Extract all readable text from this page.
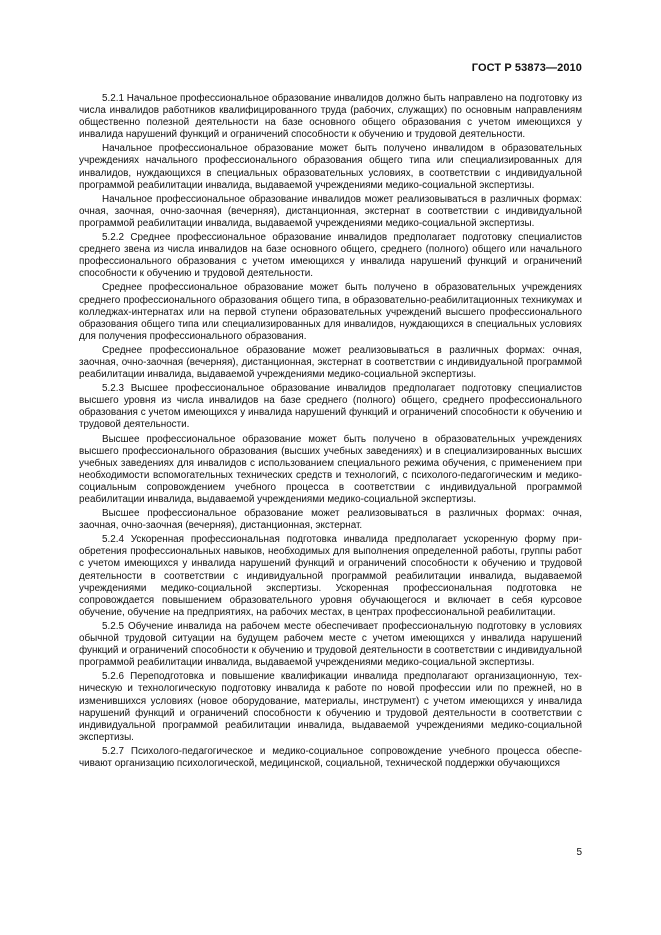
ГОСТ Р 53873—2010

5.2.1 Начальное профессиональное образование инвалидов должно быть направлено на подготовку из числа инвалидов работников квалифицированного труда (рабочих, служащих) по основным направлениям общественно полезной деятельности на базе основного общего образования с учетом имеющихся у инвалида нарушений функций и ограничений способности к обучению и трудовой деятельности.

Начальное профессиональное образование может быть получено инвалидом в образовательных учреждениях начального профессионального образования общего типа или специализированных для инвалидов, нуждающихся в специальных образовательных условиях, в соответствии с индивидуальной программой реабилитации инвалида, выдаваемой учреждениями медико-социальной экспертизы.

Начальное профессиональное образование инвалидов может реализовываться в различных формах: очная, заочная, очно-заочная (вечерняя), дистанционная, экстернат в соответствии с индивидуальной программой реабилитации инвалида, выдаваемой учреждениями медико-социальной экспертизы.

5.2.2 Среднее профессиональное образование инвалидов предполагает подготовку специалистов среднего звена из числа инвалидов на базе основного общего, среднего (полного) общего или начального профессионального образования с учетом имеющихся у инвалида нарушений функций и ограничений способности к обучению и трудовой деятельности.

Среднее профессиональное образование может быть получено в образовательных учреждениях среднего профессионального образования общего типа, в образовательно-реабилитационных техникумах и колледжах-интернатах или на первой ступени образовательных учреждений высшего профессионального образования общего типа или специализированных для инвалидов, нуждающихся в специальных условиях для получения профессионального образования.

Среднее профессиональное образование может реализовываться в различных формах: очная, заочная, очно-заочная (вечерняя), дистанционная, экстернат в соответствии с индивидуальной программой реабилитации инвалида, выдаваемой учреждениями медико-социальной экспертизы.

5.2.3 Высшее профессиональное образование инвалидов предполагает подготовку специалистов высшего уровня из числа инвалидов на базе среднего (полного) общего, среднего профессионального образования с учетом имеющихся у инвалида нарушений функций и ограничений способности к обучению и трудовой деятельности.

Высшее профессиональное образование может быть получено в образовательных учреждениях высшего профессионального образования (высших учебных заведениях) и в специализированных высших учебных заведениях для инвалидов с использованием специального режима обучения, с применением при необходимости вспомогательных технических средств и технологий, с психолого-педагогическим и медико-социальным сопровождением учебного процесса в соответствии с индивидуальной программой реабилитации инвалида, выдаваемой учреждениями медико-социальной экспертизы.

Высшее профессиональное образование может реализовываться в различных формах: очная, заочная, очно-заочная (вечерняя), дистанционная, экстернат.

5.2.4 Ускоренная профессиональная подготовка инвалида предполагает ускоренную форму приобретения профессиональных навыков, необходимых для выполнения определенной работы, группы работ с учетом имеющихся у инвалида нарушений функций и ограничений способности к обучению и трудовой деятельности в соответствии с индивидуальной программой реабилитации инвалида, выдаваемой учреждениями медико-социальной экспертизы. Ускоренная профессиональная подготовка не сопровождается повышением образовательного уровня обучающегося и включает в себя курсовое обучение, обучение на предприятиях, на рабочих местах, в центрах профессиональной реабилитации.

5.2.5 Обучение инвалида на рабочем месте обеспечивает профессиональную подготовку в условиях обычной трудовой ситуации на будущем рабочем месте с учетом имеющихся у инвалида нарушений функций и ограничений способности к обучению и трудовой деятельности в соответствии с индивидуальной программой реабилитации инвалида, выдаваемой учреждениями медико-социальной экспертизы.

5.2.6 Переподготовка и повышение квалификации инвалида предполагают организационную, техническую и технологическую подготовку инвалида к работе по новой профессии или по прежней, но в изменившихся условиях (новое оборудование, материалы, инструмент) с учетом имеющихся у инвалида нарушений функций и ограничений способности к обучению и трудовой деятельности в соответствии с индивидуальной программой реабилитации инвалида, выдаваемой учреждениями медико-социальной экспертизы.

5.2.7 Психолого-педагогическое и медико-социальное сопровождение учебного процесса обеспечивают организацию психологической, медицинской, социальной, технической поддержки обучающихся

5
